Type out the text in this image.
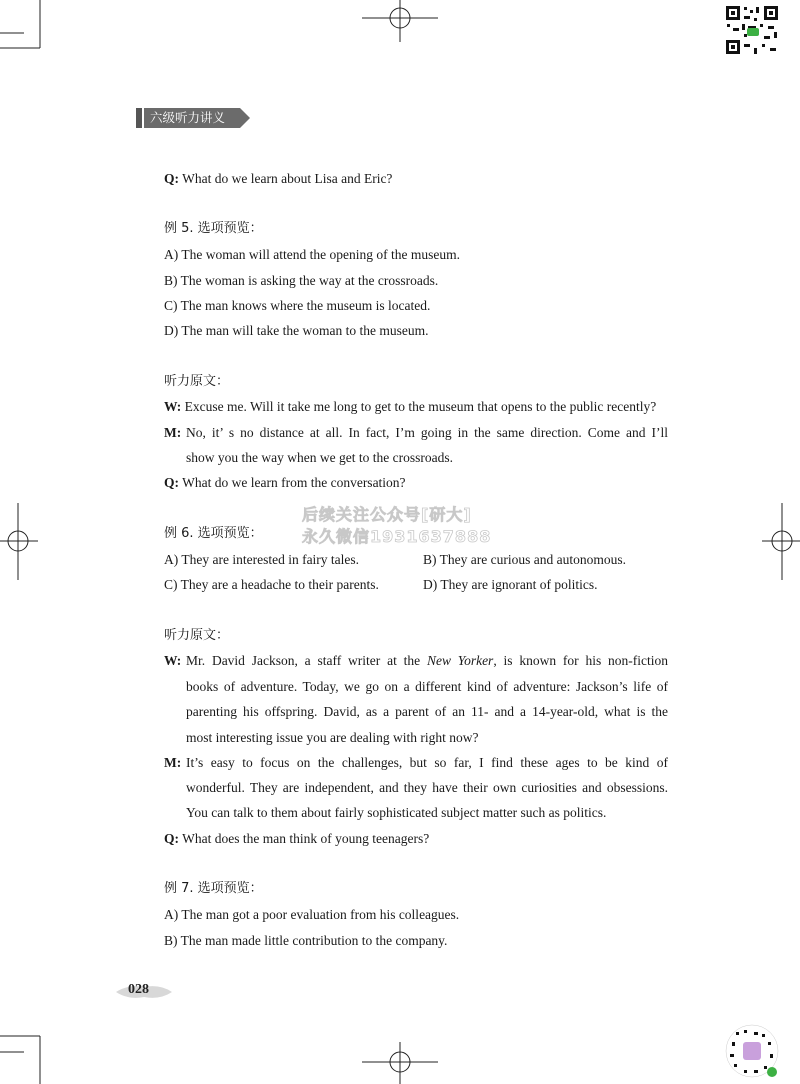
六级听力讲义
Q: What do we learn about Lisa and Eric?
例 5. 选项预览：
A) The woman will attend the opening of the museum.
B) The woman is asking the way at the crossroads.
C) The man knows where the museum is located.
D) The man will take the woman to the museum.
听力原文：
W: Excuse me. Will it take me long to get to the museum that opens to the public recently?
M: No, it’ s no distance at all. In fact, I’m going in the same direction. Come and I’ll
show you the way when we get to the crossroads.
Q: What do we learn from the conversation?
后续关注公众号[研大]
永久微信1931637888
例 6. 选项预览：
A) They are interested in fairy tales.	B) They are curious and autonomous.
C) They are a headache to their parents.	D) They are ignorant of politics.
听力原文：
W: Mr. David Jackson, a staff writer at the New Yorker, is known for his non-fiction
books of adventure. Today, we go on a different kind of adventure: Jackson’s life of
parenting his offspring. David, as a parent of an 11- and a 14-year-old, what is the
most interesting issue you are dealing with right now?
M: It’s easy to focus on the challenges, but so far, I find these ages to be kind of
wonderful. They are independent, and they have their own curiosities and obsessions.
You can talk to them about fairly sophisticated subject matter such as politics.
Q: What does the man think of young teenagers?
例 7. 选项预览：
A) The man got a poor evaluation from his colleagues.
B) The man made little contribution to the company.
028
